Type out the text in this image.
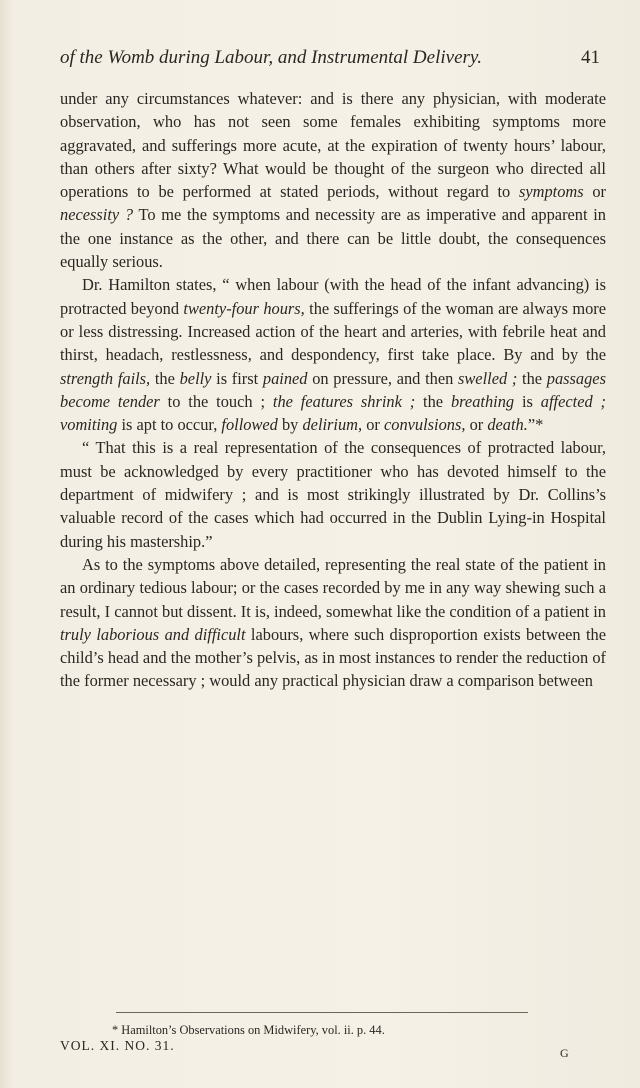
of the Womb during Labour, and Instrumental Delivery.	41

under any circumstances whatever: and is there any physician, with moderate observation, who has not seen some females exhibiting symptoms more aggravated, and sufferings more acute, at the expiration of twenty hours’ labour, than others after sixty? What would be thought of the surgeon who directed all operations to be performed at stated periods, without regard to symptoms or necessity ? To me the symptoms and necessity are as imperative and apparent in the one instance as the other, and there can be little doubt, the consequences equally serious.

Dr. Hamilton states, “ when labour (with the head of the infant advancing) is protracted beyond twenty-four hours, the sufferings of the woman are always more or less distressing. Increased action of the heart and arteries, with febrile heat and thirst, headach, restlessness, and despondency, first take place. By and by the strength fails, the belly is first pained on pressure, and then swelled ; the passages become tender to the touch ; the features shrink ; the breathing is affected ; vomiting is apt to occur, followed by delirium, or convulsions, or death.”*

“ That this is a real representation of the consequences of protracted labour, must be acknowledged by every practitioner who has devoted himself to the department of midwifery ; and is most strikingly illustrated by Dr. Collins’s valuable record of the cases which had occurred in the Dublin Lying-in Hospital during his mastership.”

As to the symptoms above detailed, representing the real state of the patient in an ordinary tedious labour; or the cases recorded by me in any way shewing such a result, I cannot but dissent. It is, indeed, somewhat like the condition of a patient in truly laborious and difficult labours, where such disproportion exists between the child’s head and the mother’s pelvis, as in most instances to render the reduction of the former necessary ; would any practical physician draw a comparison between

* Hamilton’s Observations on Midwifery, vol. ii. p. 44.
VOL. XI. NO. 31.	G
